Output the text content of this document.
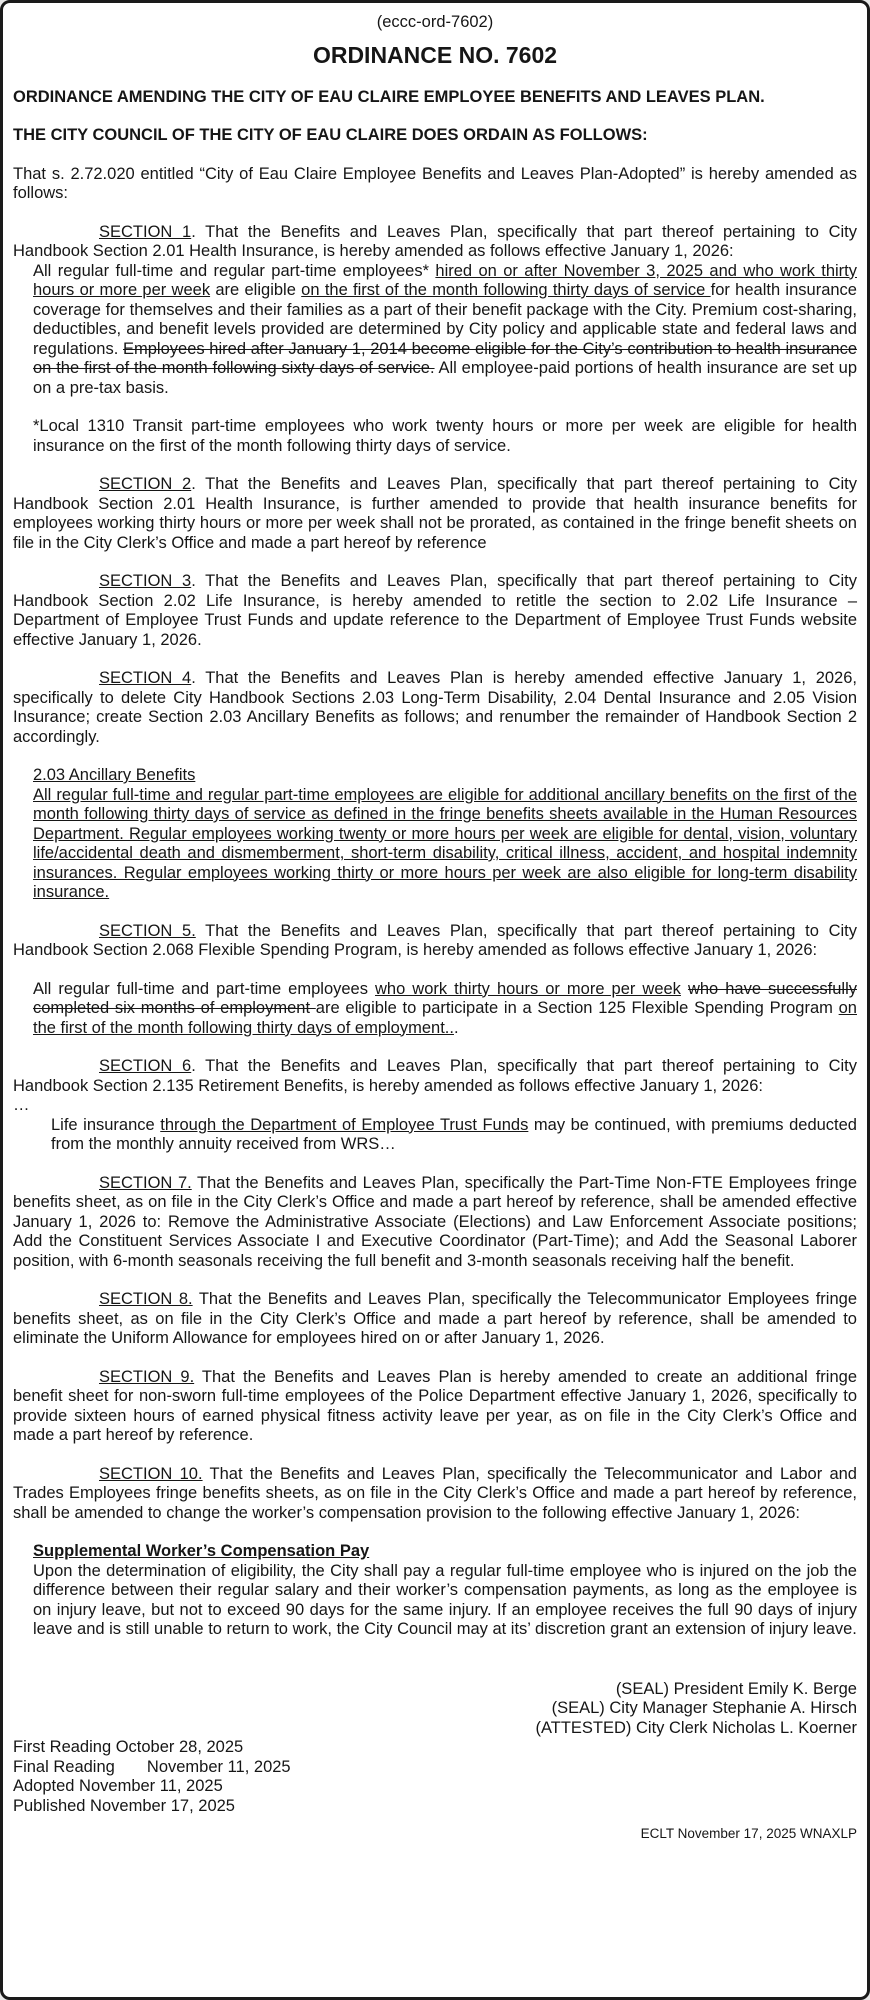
(eccc-ord-7602)

ORDINANCE NO. 7602

ORDINANCE AMENDING THE CITY OF EAU CLAIRE EMPLOYEE BENEFITS AND LEAVES PLAN.

THE CITY COUNCIL OF THE CITY OF EAU CLAIRE DOES ORDAIN AS FOLLOWS:

That s. 2.72.020 entitled “City of Eau Claire Employee Benefits and Leaves Plan-Adopted” is hereby amended as follows:

SECTION 1. That the Benefits and Leaves Plan, specifically that part thereof pertaining to City Handbook Section 2.01 Health Insurance, is hereby amended as follows effective January 1, 2026:

All regular full-time and regular part-time employees* hired on or after November 3, 2025 and who work thirty hours or more per week are eligible on the first of the month following thirty days of service for health insurance coverage for themselves and their families as a part of their benefit package with the City. Premium cost-sharing, deductibles, and benefit levels provided are determined by City policy and applicable state and federal laws and regulations. Employees hired after January 1, 2014 become eligible for the City’s contribution to health insurance on the first of the month following sixty days of service. All employee-paid portions of health insurance are set up on a pre-tax basis.

*Local 1310 Transit part-time employees who work twenty hours or more per week are eligible for health insurance on the first of the month following thirty days of service.

SECTION 2. That the Benefits and Leaves Plan, specifically that part thereof pertaining to City Handbook Section 2.01 Health Insurance, is further amended to provide that health insurance benefits for employees working thirty hours or more per week shall not be prorated, as contained in the fringe benefit sheets on file in the City Clerk’s Office and made a part hereof by reference

SECTION 3. That the Benefits and Leaves Plan, specifically that part thereof pertaining to City Handbook Section 2.02 Life Insurance, is hereby amended to retitle the section to 2.02 Life Insurance – Department of Employee Trust Funds and update reference to the Department of Employee Trust Funds website effective January 1, 2026.

SECTION 4. That the Benefits and Leaves Plan is hereby amended effective January 1, 2026, specifically to delete City Handbook Sections 2.03 Long-Term Disability, 2.04 Dental Insurance and 2.05 Vision Insurance; create Section 2.03 Ancillary Benefits as follows; and renumber the remainder of Handbook Section 2 accordingly.

2.03 Ancillary Benefits

All regular full-time and regular part-time employees are eligible for additional ancillary benefits on the first of the month following thirty days of service as defined in the fringe benefits sheets available in the Human Resources Department. Regular employees working twenty or more hours per week are eligible for dental, vision, voluntary life/accidental death and dismemberment, short-term disability, critical illness, accident, and hospital indemnity insurances. Regular employees working thirty or more hours per week are also eligible for long-term disability insurance.

SECTION 5. That the Benefits and Leaves Plan, specifically that part thereof pertaining to City Handbook Section 2.068 Flexible Spending Program, is hereby amended as follows effective January 1, 2026:

All regular full-time and part-time employees who work thirty hours or more per week who have successfully completed six months of employment are eligible to participate in a Section 125 Flexible Spending Program on the first of the month following thirty days of employment...

SECTION 6. That the Benefits and Leaves Plan, specifically that part thereof pertaining to City Handbook Section 2.135 Retirement Benefits, is hereby amended as follows effective January 1, 2026:

…

Life insurance through the Department of Employee Trust Funds may be continued, with premiums deducted from the monthly annuity received from WRS…

SECTION 7. That the Benefits and Leaves Plan, specifically the Part-Time Non-FTE Employees fringe benefits sheet, as on file in the City Clerk’s Office and made a part hereof by reference, shall be amended effective January 1, 2026 to: Remove the Administrative Associate (Elections) and Law Enforcement Associate positions; Add the Constituent Services Associate I and Executive Coordinator (Part-Time); and Add the Seasonal Laborer position, with 6-month seasonals receiving the full benefit and 3-month seasonals receiving half the benefit.

SECTION 8. That the Benefits and Leaves Plan, specifically the Telecommunicator Employees fringe benefits sheet, as on file in the City Clerk’s Office and made a part hereof by reference, shall be amended to eliminate the Uniform Allowance for employees hired on or after January 1, 2026.

SECTION 9. That the Benefits and Leaves Plan is hereby amended to create an additional fringe benefit sheet for non-sworn full-time employees of the Police Department effective January 1, 2026, specifically to provide sixteen hours of earned physical fitness activity leave per year, as on file in the City Clerk’s Office and made a part hereof by reference.

SECTION 10. That the Benefits and Leaves Plan, specifically the Telecommunicator and Labor and Trades Employees fringe benefits sheets, as on file in the City Clerk’s Office and made a part hereof by reference, shall be amended to change the worker’s compensation provision to the following effective January 1, 2026:

Supplemental Worker’s Compensation Pay

Upon the determination of eligibility, the City shall pay a regular full-time employee who is injured on the job the difference between their regular salary and their worker’s compensation payments, as long as the employee is on injury leave, but not to exceed 90 days for the same injury. If an employee receives the full 90 days of injury leave and is still unable to return to work, the City Council may at its’ discretion grant an extension of injury leave.

(SEAL) President Emily K. Berge

(SEAL) City Manager Stephanie A. Hirsch

(ATTESTED) City Clerk Nicholas L. Koerner

First Reading October 28, 2025

Final Reading       November 11, 2025

Adopted November 11, 2025

Published November 17, 2025

ECLT November 17, 2025 WNAXLP
